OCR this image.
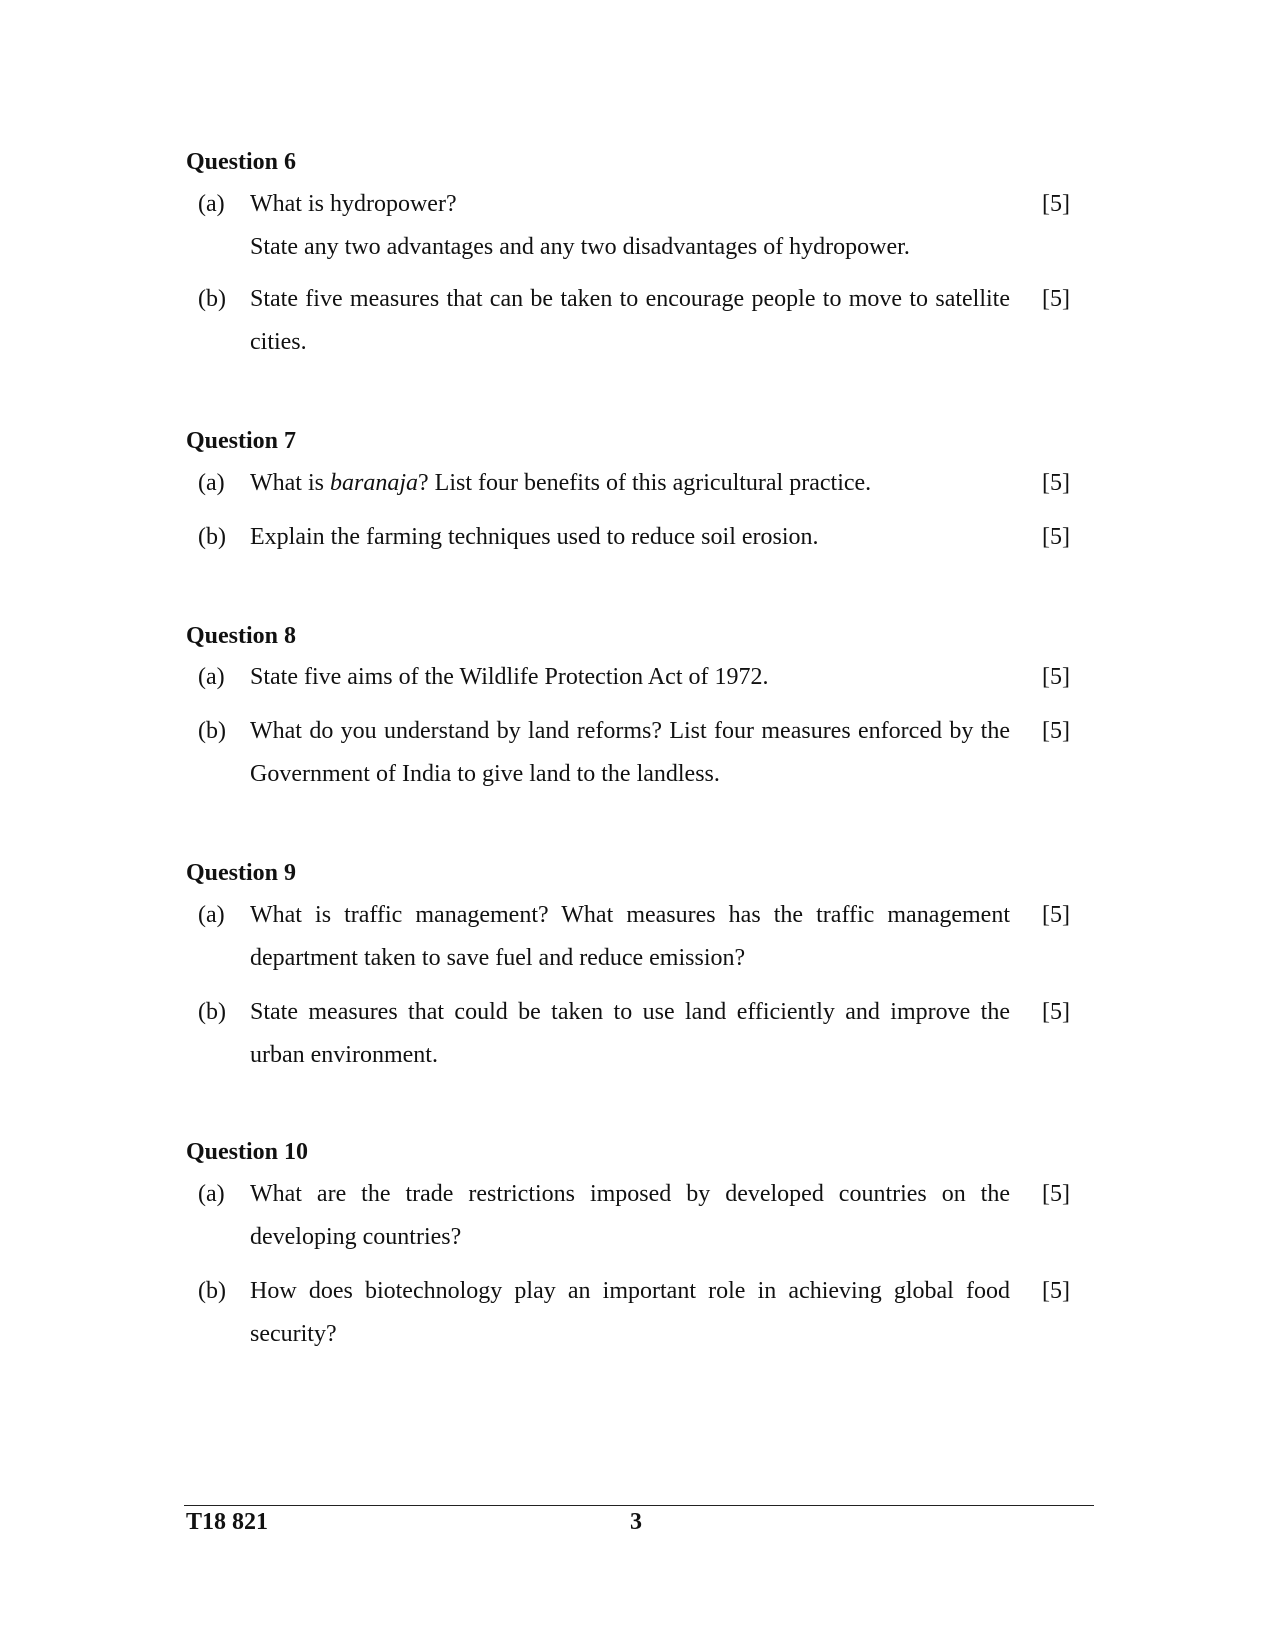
Question 6
(a) What is hydropower?

State any two advantages and any two disadvantages of hydropower.

[5]
(b) State five measures that can be taken to encourage people to move to satellite cities.
[5]
Question 7
(a) What is baranaja? List four benefits of this agricultural practice.	[5]
(b) Explain the farming techniques used to reduce soil erosion.	[5]
Question 8
(a) State five aims of the Wildlife Protection Act of 1972.	[5]
(b) What do you understand by land reforms? List four measures enforced by the Government of India to give land to the landless.
[5]
Question 9
(a) What is traffic management? What measures has the traffic management department taken to save fuel and reduce emission?
[5]
(b) State measures that could be taken to use land efficiently and improve the urban environment.
[5]
Question 10
(a) What are the trade restrictions imposed by developed countries on the developing countries?
[5]
(b) How does biotechnology play an important role in achieving global food security?
[5]
T18 821	3
